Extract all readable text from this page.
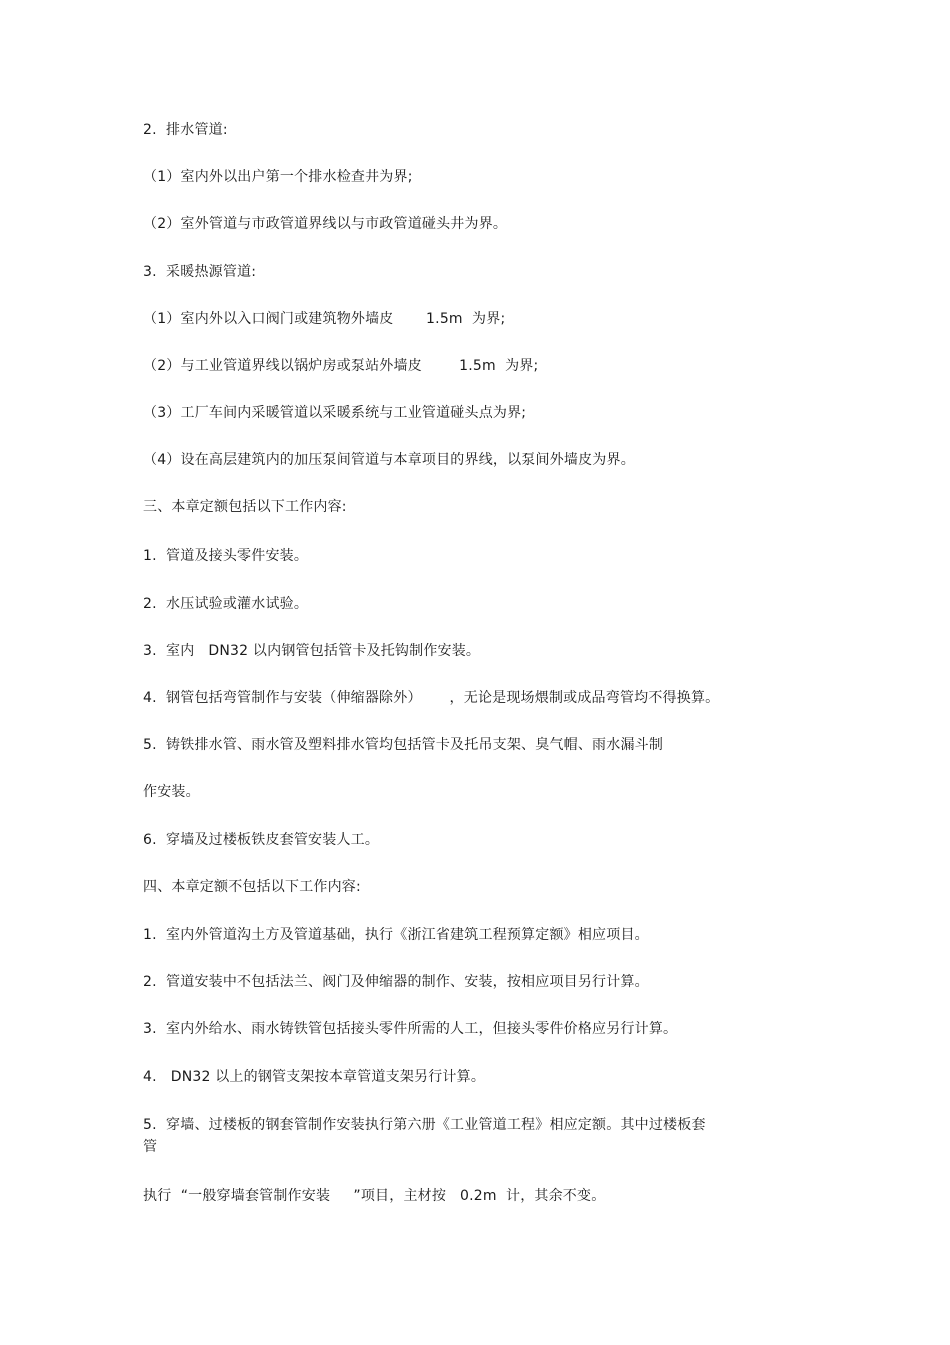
2.  排水管道:
（1）室内外以出户第一个排水检查井为界;
（2）室外管道与市政管道界线以与市政管道碰头井为界。
3.  采暖热源管道:
（1）室内外以入口阀门或建筑物外墙皮       1.5m  为界;
（2）与工业管道界线以锅炉房或泵站外墙皮        1.5m  为界;
（3）工厂车间内采暖管道以采暖系统与工业管道碰头点为界;
（4）设在高层建筑内的加压泵间管道与本章项目的界线，以泵间外墙皮为界。
三、本章定额包括以下工作内容:
1.  管道及接头零件安装。
2.  水压试验或灌水试验。
3.  室内   DN32 以内钢管包括管卡及托钩制作安装。
4.  钢管包括弯管制作与安装（伸缩器除外）      ，无论是现场煨制或成品弯管均不得换算。
5.  铸铁排水管、雨水管及塑料排水管均包括管卡及托吊支架、臭气帽、雨水漏斗制
作安装。
6.  穿墙及过楼板铁皮套管安装人工。
四、本章定额不包括以下工作内容:
1.  室内外管道沟土方及管道基础，执行《浙江省建筑工程预算定额》相应项目。
2.  管道安装中不包括法兰、阀门及伸缩器的制作、安装，按相应项目另行计算。
3.  室内外给水、雨水铸铁管包括接头零件所需的人工，但接头零件价格应另行计算。
4.   DN32 以上的钢管支架按本章管道支架另行计算。
5.  穿墙、过楼板的钢套管制作安装执行第六册《工业管道工程》相应定额。其中过楼板套
管
执行  “一般穿墙套管制作安装     ”项目，主材按   0.2m  计，其余不变。
